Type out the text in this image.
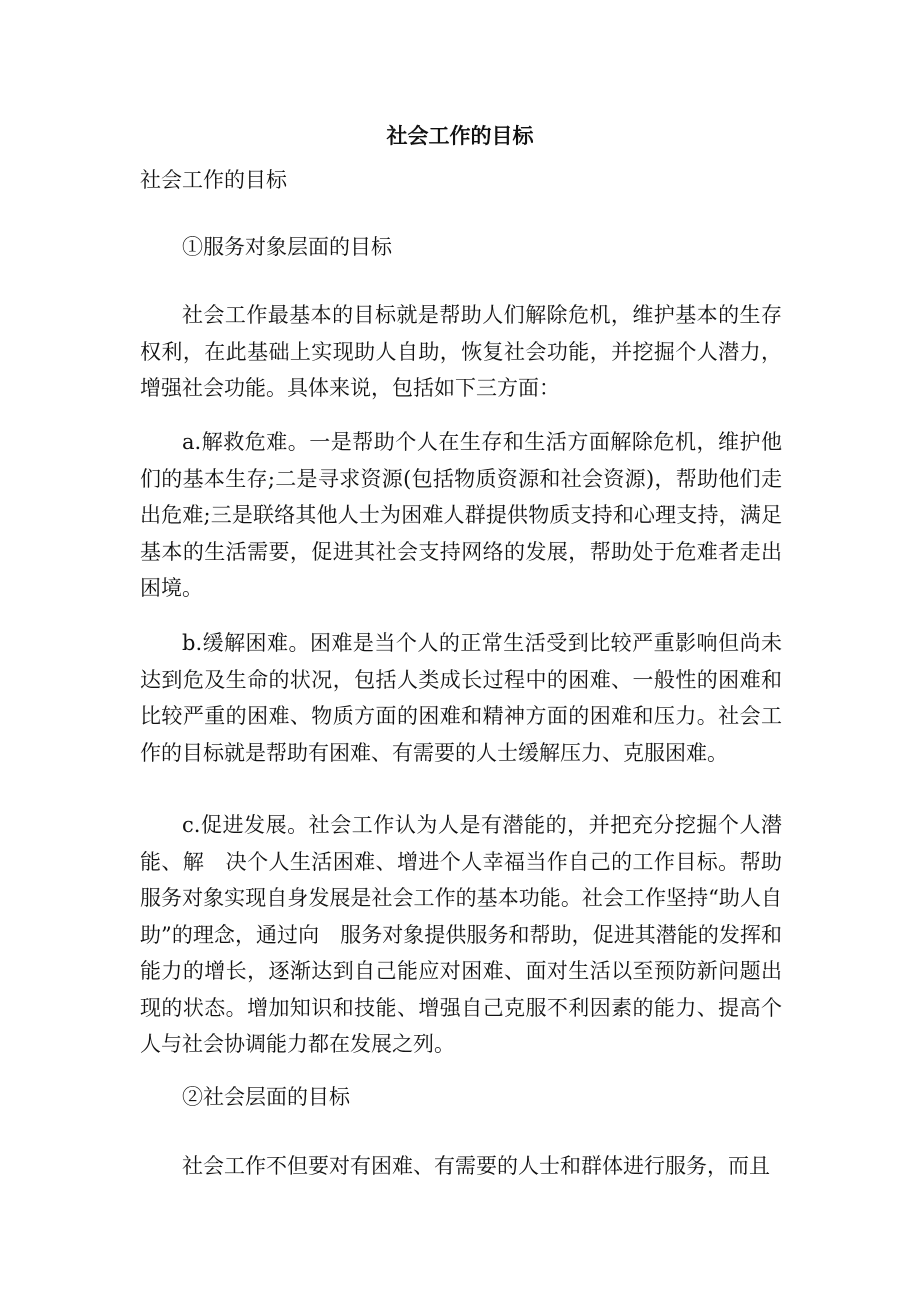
社会工作的目标

社会工作的目标

①服务对象层面的目标

社会工作最基本的目标就是帮助人们解除危机，维护基本的生存权利，在此基础上实现助人自助，恢复社会功能，并挖掘个人潜力，增强社会功能。具体来说，包括如下三方面：

a.解救危难。一是帮助个人在生存和生活方面解除危机，维护他们的基本生存;二是寻求资源(包括物质资源和社会资源)，帮助他们走出危难;三是联络其他人士为困难人群提供物质支持和心理支持，满足基本的生活需要，促进其社会支持网络的发展，帮助处于危难者走出困境。

b.缓解困难。困难是当个人的正常生活受到比较严重影响但尚未达到危及生命的状况，包括人类成长过程中的困难、一般性的困难和比较严重的困难、物质方面的困难和精神方面的困难和压力。社会工作的目标就是帮助有困难、有需要的人士缓解压力、克服困难。

c.促进发展。社会工作认为人是有潜能的，并把充分挖掘个人潜能、解　决个人生活困难、增进个人幸福当作自己的工作目标。帮助服务对象实现自身发展是社会工作的基本功能。社会工作坚持“助人自助”的理念，通过向　服务对象提供服务和帮助，促进其潜能的发挥和能力的增长，逐渐达到自己能应对困难、面对生活以至预防新问题出现的状态。增加知识和技能、增强自己克服不利因素的能力、提高个人与社会协调能力都在发展之列。

②社会层面的目标

社会工作不但要对有困难、有需要的人士和群体进行服务，而且
